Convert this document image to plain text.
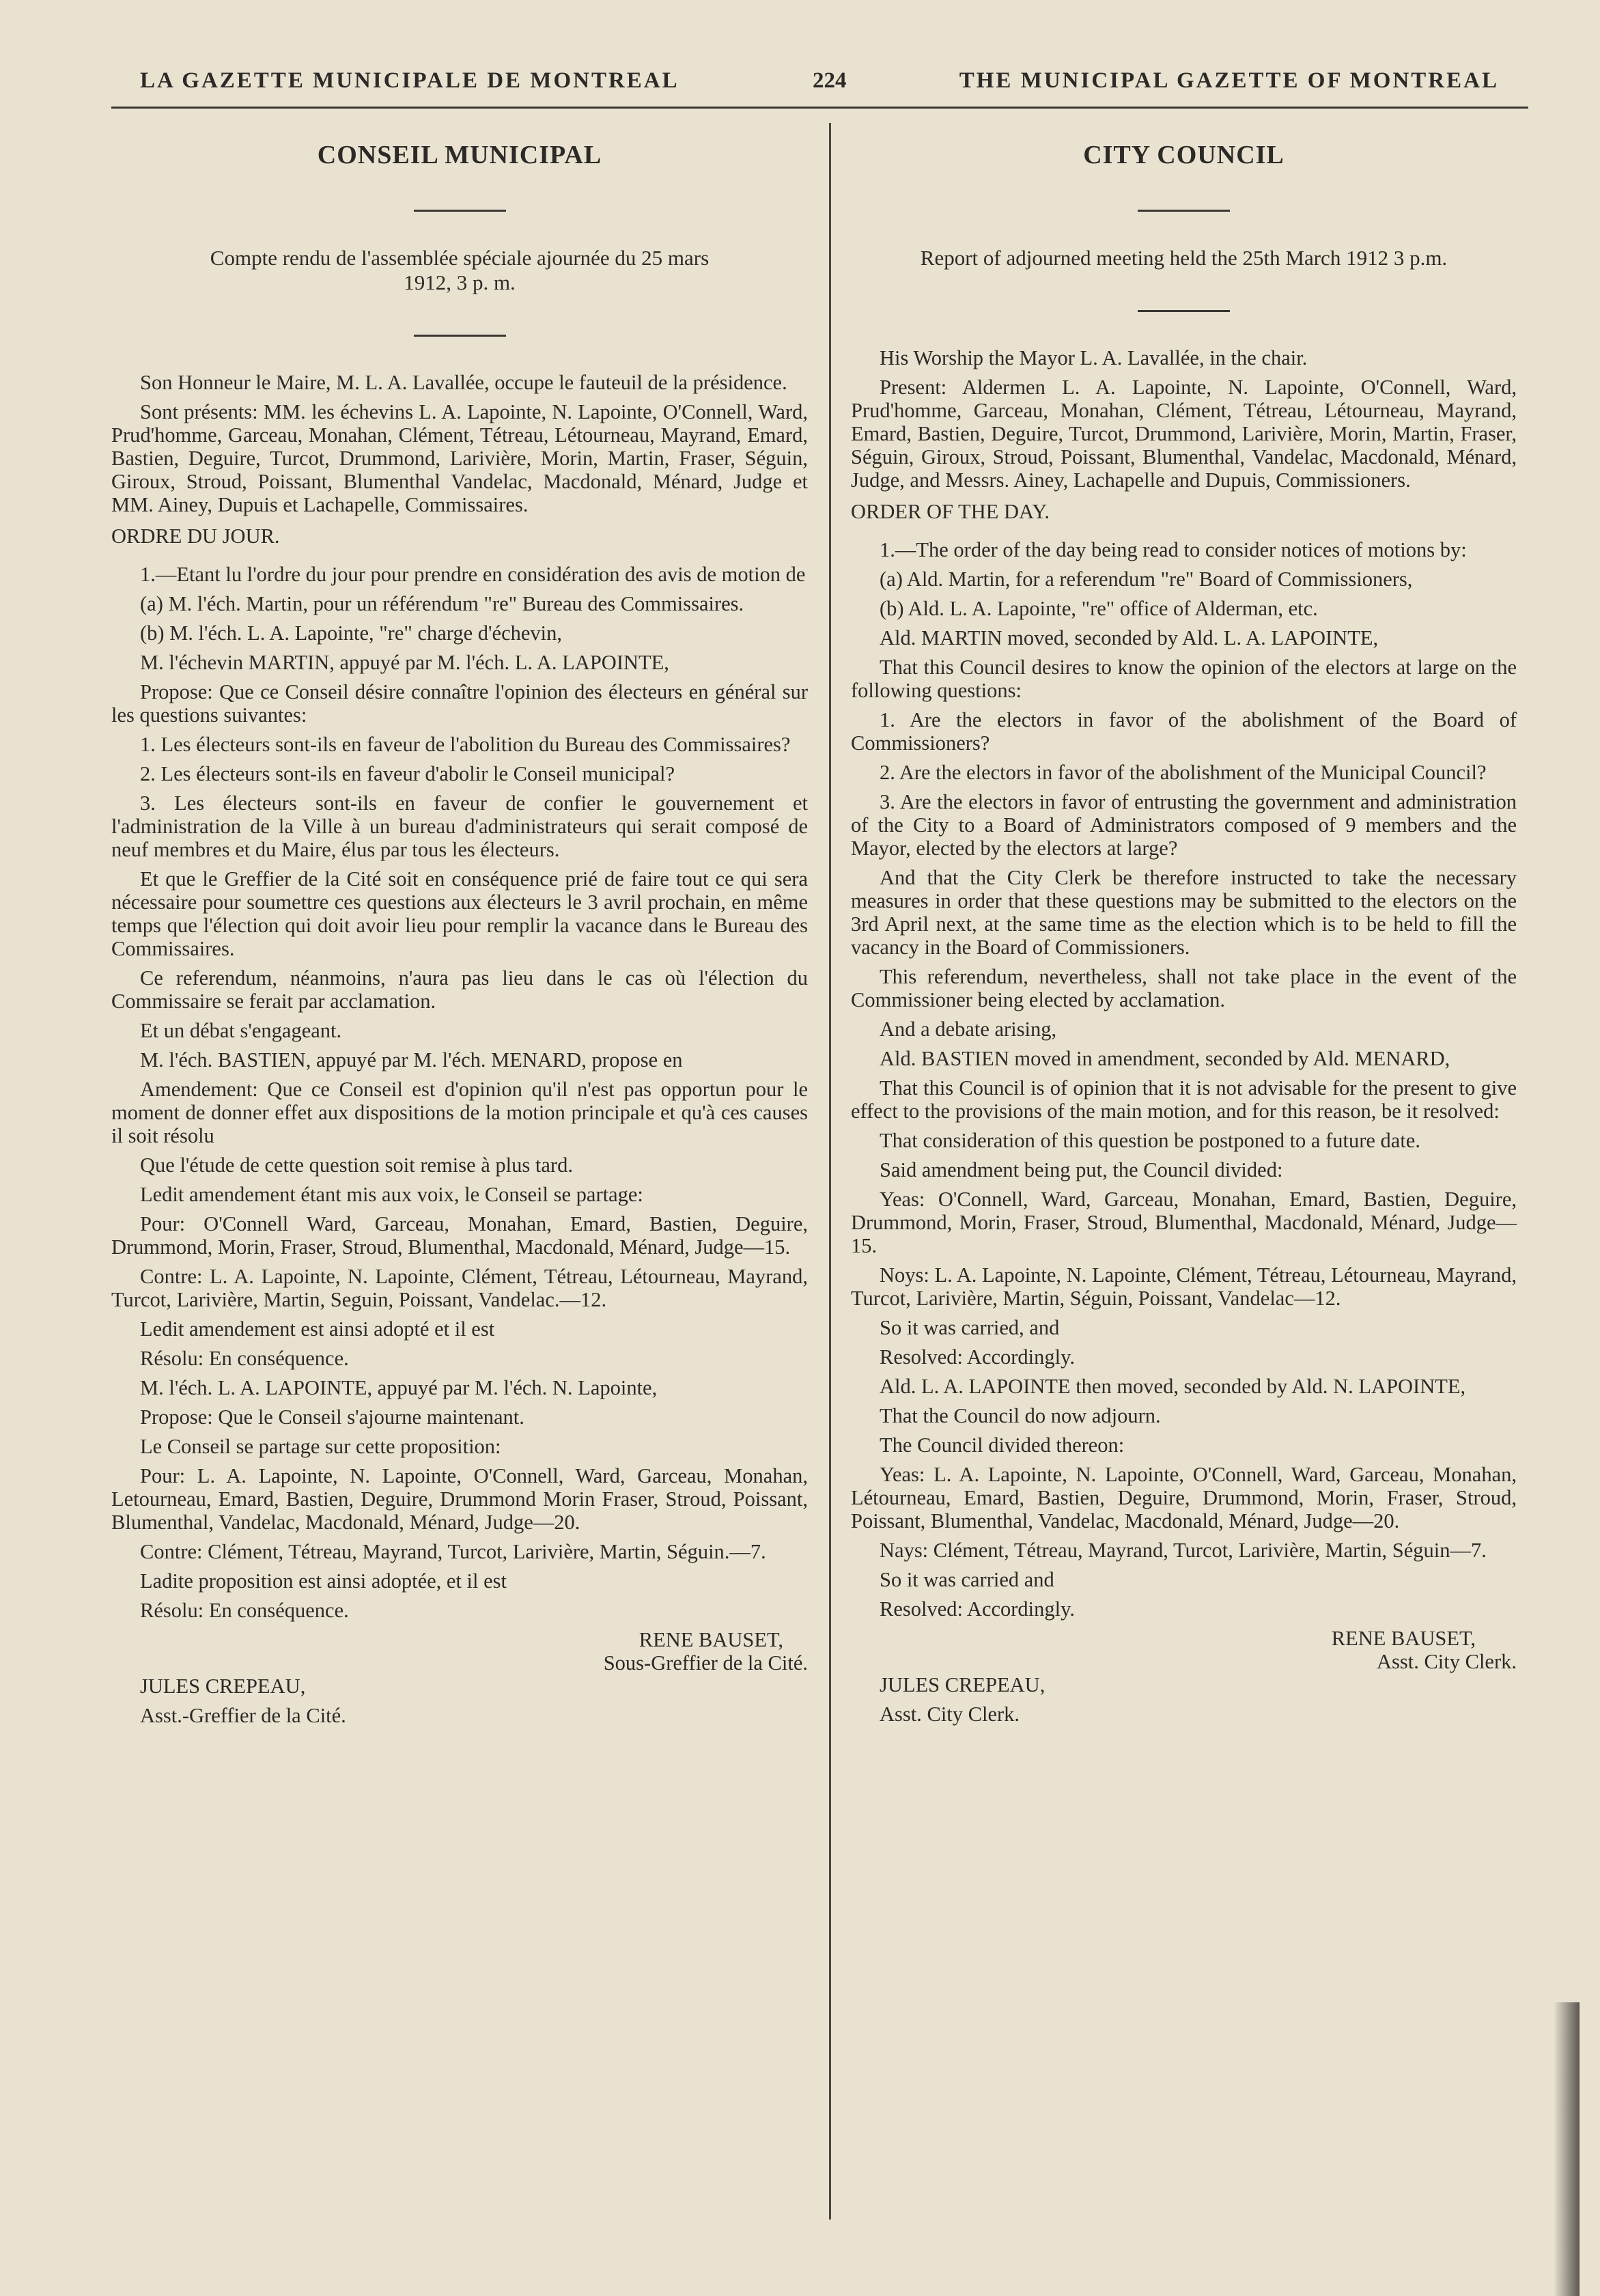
LA GAZETTE MUNICIPALE DE MONTREAL	224	THE MUNICIPAL GAZETTE OF MONTREAL
CONSEIL MUNICIPAL

Compte rendu de l'assemblée spéciale ajournée du 25 mars 1912, 3 p. m.

Son Honneur le Maire, M. L. A. Lavallée, occupe le fauteuil de la présidence.

Sont présents: MM. les échevins L. A. Lapointe, N. Lapointe, O'Connell, Ward, Prud'homme, Garceau, Monahan, Clément, Tétreau, Létourneau, Mayrand, Emard, Bastien, Deguire, Turcot, Drummond, Larivière, Morin, Martin, Fraser, Séguin, Giroux, Stroud, Poissant, Blumenthal Vandelac, Macdonald, Ménard, Judge et MM. Ainey, Dupuis et Lachapelle, Commissaires.

ORDRE DU JOUR.

1.—Etant lu l'ordre du jour pour prendre en considération des avis de motion de

(a) M. l'éch. Martin, pour un référendum "re" Bureau des Commissaires.

(b) M. l'éch. L. A. Lapointe, "re" charge d'échevin,

M. l'échevin MARTIN, appuyé par M. l'éch. L. A. LAPOINTE,

Propose: Que ce Conseil désire connaître l'opinion des électeurs en général sur les questions suivantes:

1. Les électeurs sont-ils en faveur de l'abolition du Bureau des Commissaires?

2. Les électeurs sont-ils en faveur d'abolir le Conseil municipal?

3. Les électeurs sont-ils en faveur de confier le gouvernement et l'administration de la Ville à un bureau d'administrateurs qui serait composé de neuf membres et du Maire, élus par tous les électeurs.

Et que le Greffier de la Cité soit en conséquence prié de faire tout ce qui sera nécessaire pour soumettre ces questions aux électeurs le 3 avril prochain, en même temps que l'élection qui doit avoir lieu pour remplir la vacance dans le Bureau des Commissaires.

Ce referendum, néanmoins, n'aura pas lieu dans le cas où l'élection du Commissaire se ferait par acclamation.

Et un débat s'engageant.

M. l'éch. BASTIEN, appuyé par M. l'éch. MENARD, propose en

Amendement: Que ce Conseil est d'opinion qu'il n'est pas opportun pour le moment de donner effet aux dispositions de la motion principale et qu'à ces causes il soit résolu

Que l'étude de cette question soit remise à plus tard.

Ledit amendement étant mis aux voix, le Conseil se partage:

Pour: O'Connell Ward, Garceau, Monahan, Emard, Bastien, Deguire, Drummond, Morin, Fraser, Stroud, Blumenthal, Macdonald, Ménard, Judge—15.

Contre: L. A. Lapointe, N. Lapointe, Clément, Tétreau, Létourneau, Mayrand, Turcot, Larivière, Martin, Seguin, Poissant, Vandelac.—12.

Ledit amendement est ainsi adopté et il est

Résolu: En conséquence.

M. l'éch. L. A. LAPOINTE, appuyé par M. l'éch. N. Lapointe,

Propose: Que le Conseil s'ajourne maintenant.

Le Conseil se partage sur cette proposition:

Pour: L. A. Lapointe, N. Lapointe, O'Connell, Ward, Garceau, Monahan, Letourneau, Emard, Bastien, Deguire, Drummond Morin Fraser, Stroud, Poissant, Blumenthal, Vandelac, Macdonald, Ménard, Judge—20.

Contre: Clément, Tétreau, Mayrand, Turcot, Larivière, Martin, Séguin.—7.

Ladite proposition est ainsi adoptée, et il est

Résolu: En conséquence.

RENE BAUSET,

Sous-Greffier de la Cité.

JULES CREPEAU,

Asst.-Greffier de la Cité.

CITY COUNCIL

Report of adjourned meeting held the 25th March 1912 3 p.m.

His Worship the Mayor L. A. Lavallée, in the chair.

Present: Aldermen L. A. Lapointe, N. Lapointe, O'Connell, Ward, Prud'homme, Garceau, Monahan, Clément, Tétreau, Létourneau, Mayrand, Emard, Bastien, Deguire, Turcot, Drummond, Larivière, Morin, Martin, Fraser, Séguin, Giroux, Stroud, Poissant, Blumenthal, Vandelac, Macdonald, Ménard, Judge, and Messrs. Ainey, Lachapelle and Dupuis, Commissioners.

ORDER OF THE DAY.

1.—The order of the day being read to consider notices of motions by:

(a) Ald. Martin, for a referendum "re" Board of Commissioners,

(b) Ald. L. A. Lapointe, "re" office of Alderman, etc.

Ald. MARTIN moved, seconded by Ald. L. A. LAPOINTE,

That this Council desires to know the opinion of the electors at large on the following questions:

1. Are the electors in favor of the abolishment of the Board of Commissioners?

2. Are the electors in favor of the abolishment of the Municipal Council?

3. Are the electors in favor of entrusting the government and administration of the City to a Board of Administrators composed of 9 members and the Mayor, elected by the electors at large?

And that the City Clerk be therefore instructed to take the necessary measures in order that these questions may be submitted to the electors on the 3rd April next, at the same time as the election which is to be held to fill the vacancy in the Board of Commissioners.

This referendum, nevertheless, shall not take place in the event of the Commissioner being elected by acclamation.

And a debate arising,

Ald. BASTIEN moved in amendment, seconded by Ald. MENARD,

That this Council is of opinion that it is not advisable for the present to give effect to the provisions of the main motion, and for this reason, be it resolved:

That consideration of this question be postponed to a future date.

Said amendment being put, the Council divided:

Yeas: O'Connell, Ward, Garceau, Monahan, Emard, Bastien, Deguire, Drummond, Morin, Fraser, Stroud, Blumenthal, Macdonald, Ménard, Judge—15.

Noys: L. A. Lapointe, N. Lapointe, Clément, Tétreau, Létourneau, Mayrand, Turcot, Larivière, Martin, Séguin, Poissant, Vandelac—12.

So it was carried, and

Resolved: Accordingly.

Ald. L. A. LAPOINTE then moved, seconded by Ald. N. LAPOINTE,

That the Council do now adjourn.

The Council divided thereon:

Yeas: L. A. Lapointe, N. Lapointe, O'Connell, Ward, Garceau, Monahan, Létourneau, Emard, Bastien, Deguire, Drummond, Morin, Fraser, Stroud, Poissant, Blumenthal, Vandelac, Macdonald, Ménard, Judge—20.

Nays: Clément, Tétreau, Mayrand, Turcot, Larivière, Martin, Séguin—7.

So it was carried and

Resolved: Accordingly.

RENE BAUSET,

Asst. City Clerk.

JULES CREPEAU,

Asst. City Clerk.
